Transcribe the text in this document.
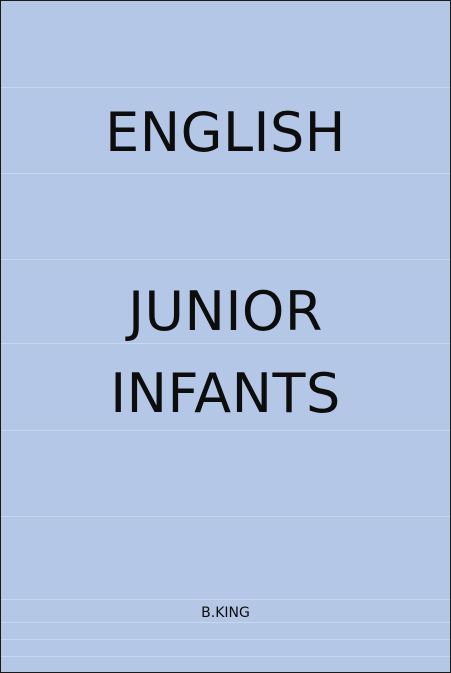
ENGLISH
JUNIOR
INFANTS
B.KING
